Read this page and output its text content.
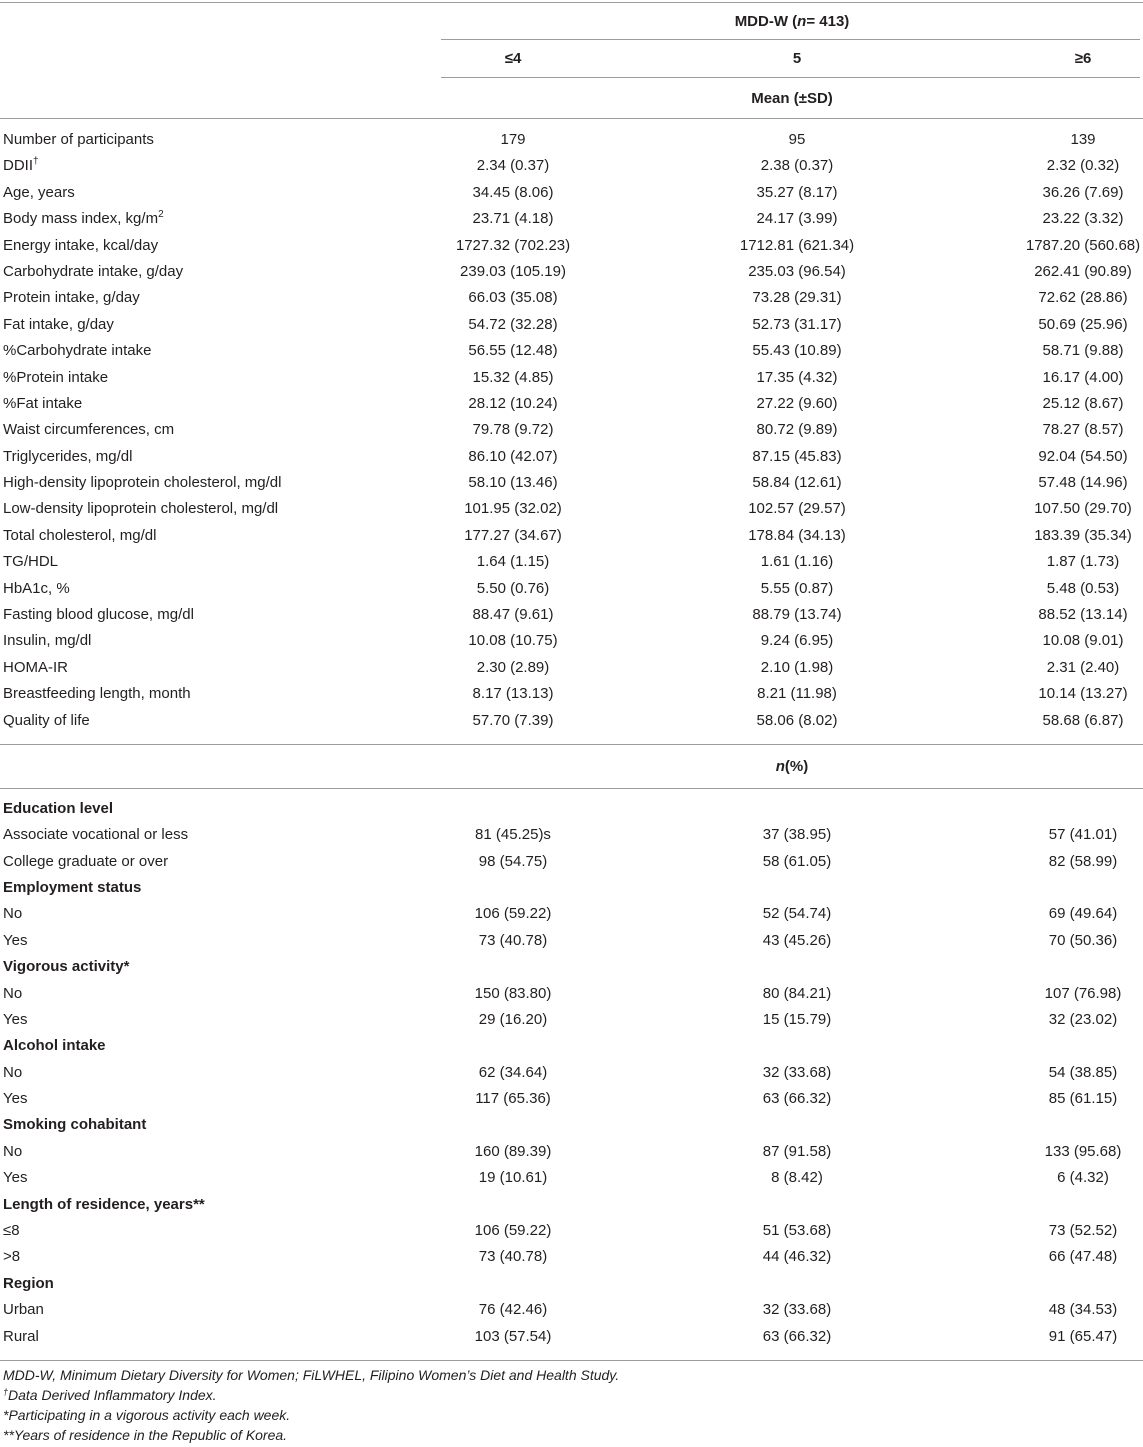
MDD-W ( n = 413)
≤4	5	≥6
Mean (±SD)
Number of participants	179	95	139
DDII†	2.34 (0.37)	2.38 (0.37)	2.32 (0.32)
Age, years	34.45 (8.06)	35.27 (8.17)	36.26 (7.69)
Body mass index, $kg/m^2$	23.71 (4.18)	24.17 (3.99)	23.22 (3.32)
Energy intake, kcal/day	1727.32 (702.23)	1712.81 (621.34)	1787.20 (560.68)
Carbohydrate intake, g/day	239.03 (105.19)	235.03 (96.54)	262.41 (90.89)
Protein intake, g/day	66.03 (35.08)	73.28 (29.31)	72.62 (28.86)
Fat intake, g/day	54.72 (32.28)	52.73 (31.17)	50.69 (25.96)
%Carbohydrate intake	56.55 (12.48)	55.43 (10.89)	58.71 (9.88)
%Protein intake	15.32 (4.85)	17.35 (4.32)	16.17 (4.00)
%Fat intake	28.12 (10.24)	27.22 (9.60)	25.12 (8.67)
Waist circumferences, cm	79.78 (9.72)	80.72 (9.89)	78.27 (8.57)
Triglycerides, mg/dl	86.10 (42.07)	87.15 (45.83)	92.04 (54.50)
High-density lipoprotein cholesterol, mg/dl	58.10 (13.46)	58.84 (12.61)	57.48 (14.96)
Low-density lipoprotein cholesterol, mg/dl	101.95 (32.02)	102.57 (29.57)	107.50 (29.70)
Total cholesterol, mg/dl	177.27 (34.67)	178.84 (34.13)	183.39 (35.34)
TG/HDL	1.64 (1.15)	1.61 (1.16)	1.87 (1.73)
HbA1c, %	5.50 (0.76)	5.55 (0.87)	5.48 (0.53)
Fasting blood glucose, mg/dl	88.47 (9.61)	88.79 (13.74)	88.52 (13.14)
Insulin, mg/dl	10.08 (10.75)	9.24 (6.95)	10.08 (9.01)
HOMA-IR	2.30 (2.89)	2.10 (1.98)	2.31 (2.40)
Breastfeeding length, month	8.17 (13.13)	8.21 (11.98)	10.14 (13.27)
Quality of life	57.70 (7.39)	58.06 (8.02)	58.68 (6.87)
n (%)
Education level
Associate vocational or less	81 (45.25)s	37 (38.95)	57 (41.01)
College graduate or over	98 (54.75)	58 (61.05)	82 (58.99)
Employment status
No	106 (59.22)	52 (54.74)	69 (49.64)
Yes	73 (40.78)	43 (45.26)	70 (50.36)
Vigorous activity*
No	150 (83.80)	80 (84.21)	107 (76.98)
Yes	29 (16.20)	15 (15.79)	32 (23.02)
Alcohol intake
No	62 (34.64)	32 (33.68)	54 (38.85)
Yes	117 (65.36)	63 (66.32)	85 (61.15)
Smoking cohabitant
No	160 (89.39)	87 (91.58)	133 (95.68)
Yes	19 (10.61)	8 (8.42)	6 (4.32)
Length of residence, years**
≤8	106 (59.22)	51 (53.68)	73 (52.52)
>8	73 (40.78)	44 (46.32)	66 (47.48)
Region
Urban	76 (42.46)	32 (33.68)	48 (34.53)
Rural	103 (57.54)	63 (66.32)	91 (65.47)
MDD-W, Minimum Dietary Diversity for Women; FiLWHEL, Filipino Women’s Diet and Health Study.
†Data Derived Inflammatory Index.
*Participating in a vigorous activity each week.
**Years of residence in the Republic of Korea.
